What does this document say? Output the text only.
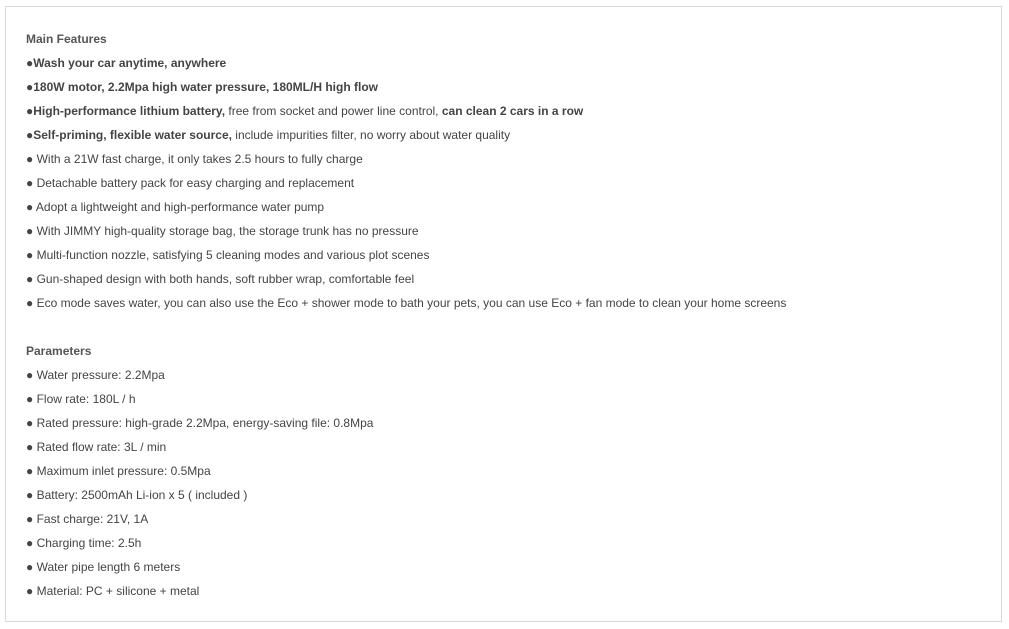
Main Features
●Wash your car anytime, anywhere
●180W motor, 2.2Mpa high water pressure, 180ML/H high flow
●High-performance lithium battery, free from socket and power line control, can clean 2 cars in a row
●Self-priming, flexible water source, include impurities filter, no worry about water quality
● With a 21W fast charge, it only takes 2.5 hours to fully charge
● Detachable battery pack for easy charging and replacement
● Adopt a lightweight and high-performance water pump
● With JIMMY high-quality storage bag, the storage trunk has no pressure
● Multi-function nozzle, satisfying 5 cleaning modes and various plot scenes
● Gun-shaped design with both hands, soft rubber wrap, comfortable feel
● Eco mode saves water, you can also use the Eco + shower mode to bath your pets, you can use Eco + fan mode to clean your home screens
Parameters
● Water pressure: 2.2Mpa
● Flow rate: 180L / h
● Rated pressure: high-grade 2.2Mpa, energy-saving file: 0.8Mpa
● Rated flow rate: 3L / min
● Maximum inlet pressure: 0.5Mpa
● Battery: 2500mAh Li-ion x 5 ( included )
● Fast charge: 21V, 1A
● Charging time: 2.5h
● Water pipe length 6 meters
● Material: PC + silicone + metal
